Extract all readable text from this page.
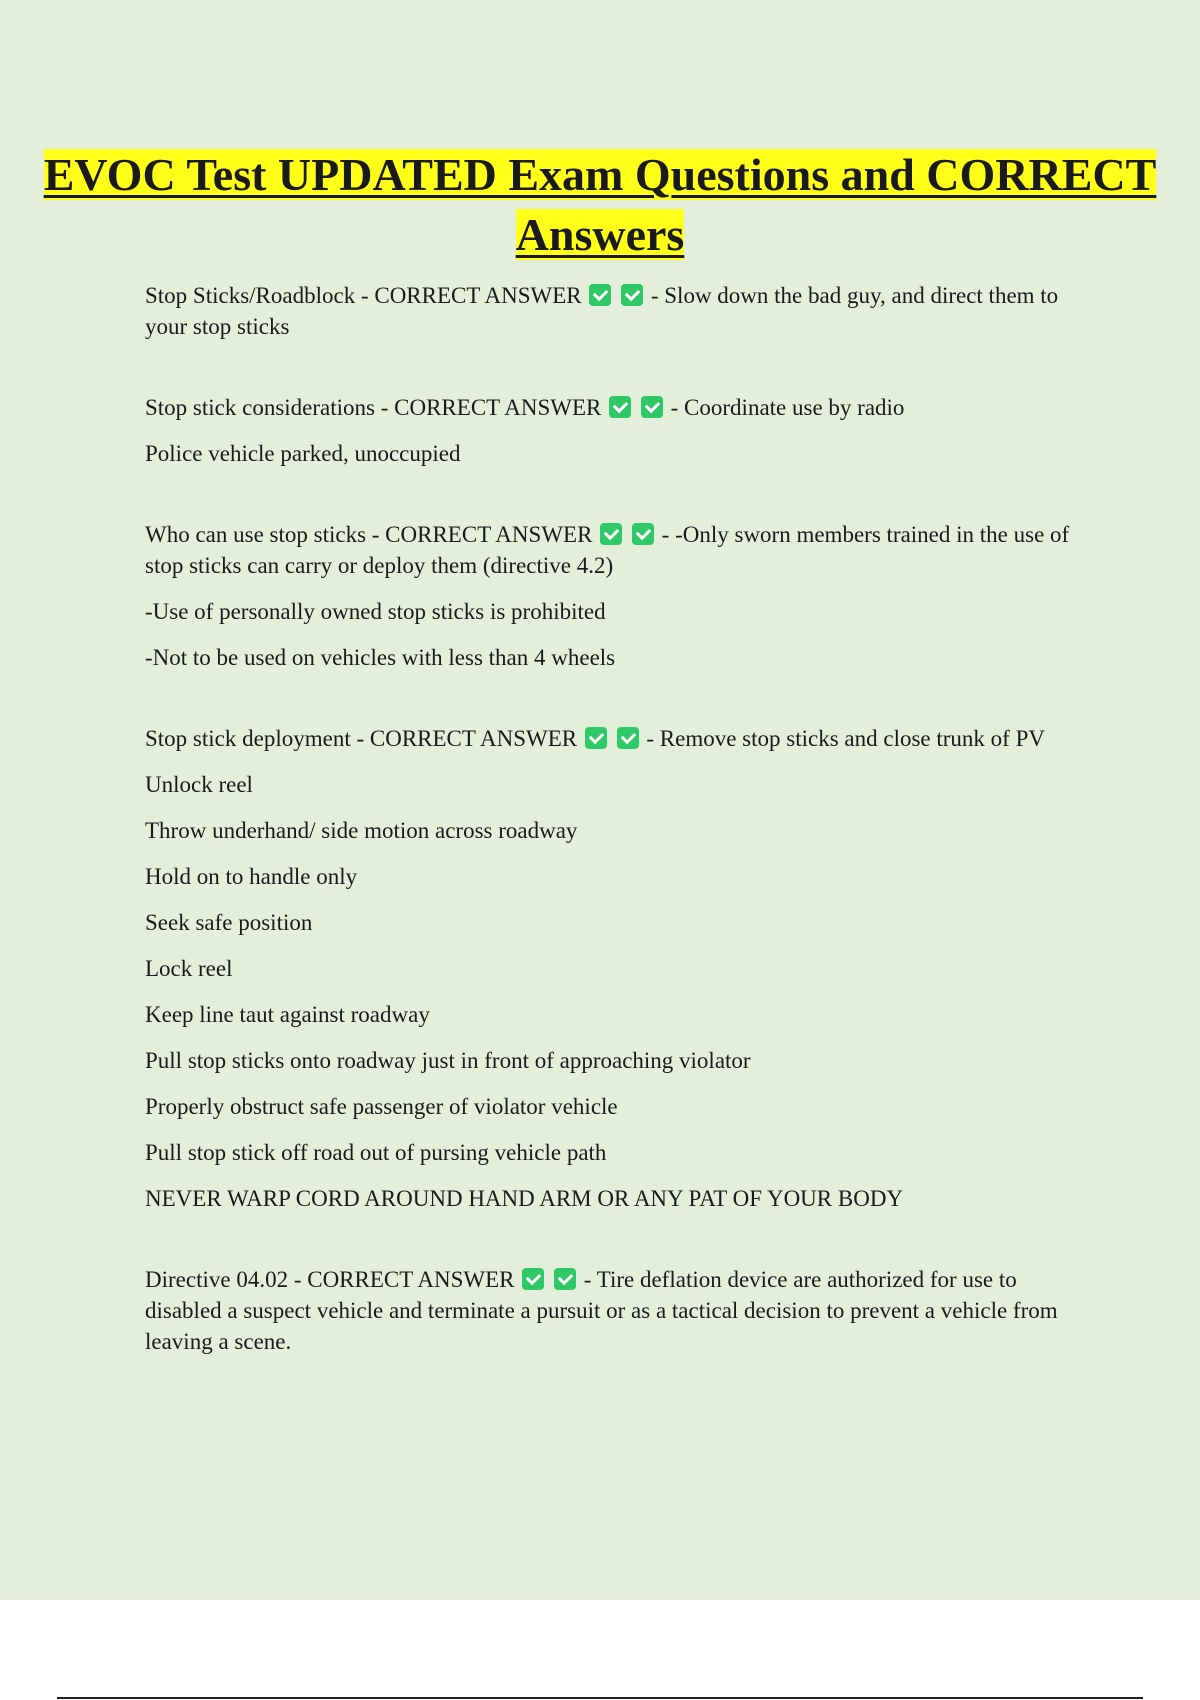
EVOC Test UPDATED Exam Questions and CORRECT Answers

Stop Sticks/Roadblock - CORRECT ANSWER	- Slow down the bad guy, and direct them to your stop sticks

Stop stick considerations - CORRECT ANSWER	- Coordinate use by radio

Police vehicle parked, unoccupied

Who can use stop sticks - CORRECT ANSWER	- -Only sworn members trained in the use of stop sticks can carry or deploy them (directive 4.2)

-Use of personally owned stop sticks is prohibited

-Not to be used on vehicles with less than 4 wheels

Stop stick deployment - CORRECT ANSWER	- Remove stop sticks and close trunk of PV

Unlock reel

Throw underhand/ side motion across roadway

Hold on to handle only

Seek safe position

Lock reel

Keep line taut against roadway

Pull stop sticks onto roadway just in front of approaching violator

Properly obstruct safe passenger of violator vehicle

Pull stop stick off road out of pursing vehicle path

NEVER WARP CORD AROUND HAND ARM OR ANY PAT OF YOUR BODY

Directive 04.02 - CORRECT ANSWER	- Tire deflation device are authorized for use to disabled a suspect vehicle and terminate a pursuit or as a tactical decision to prevent a vehicle from leaving a scene.
